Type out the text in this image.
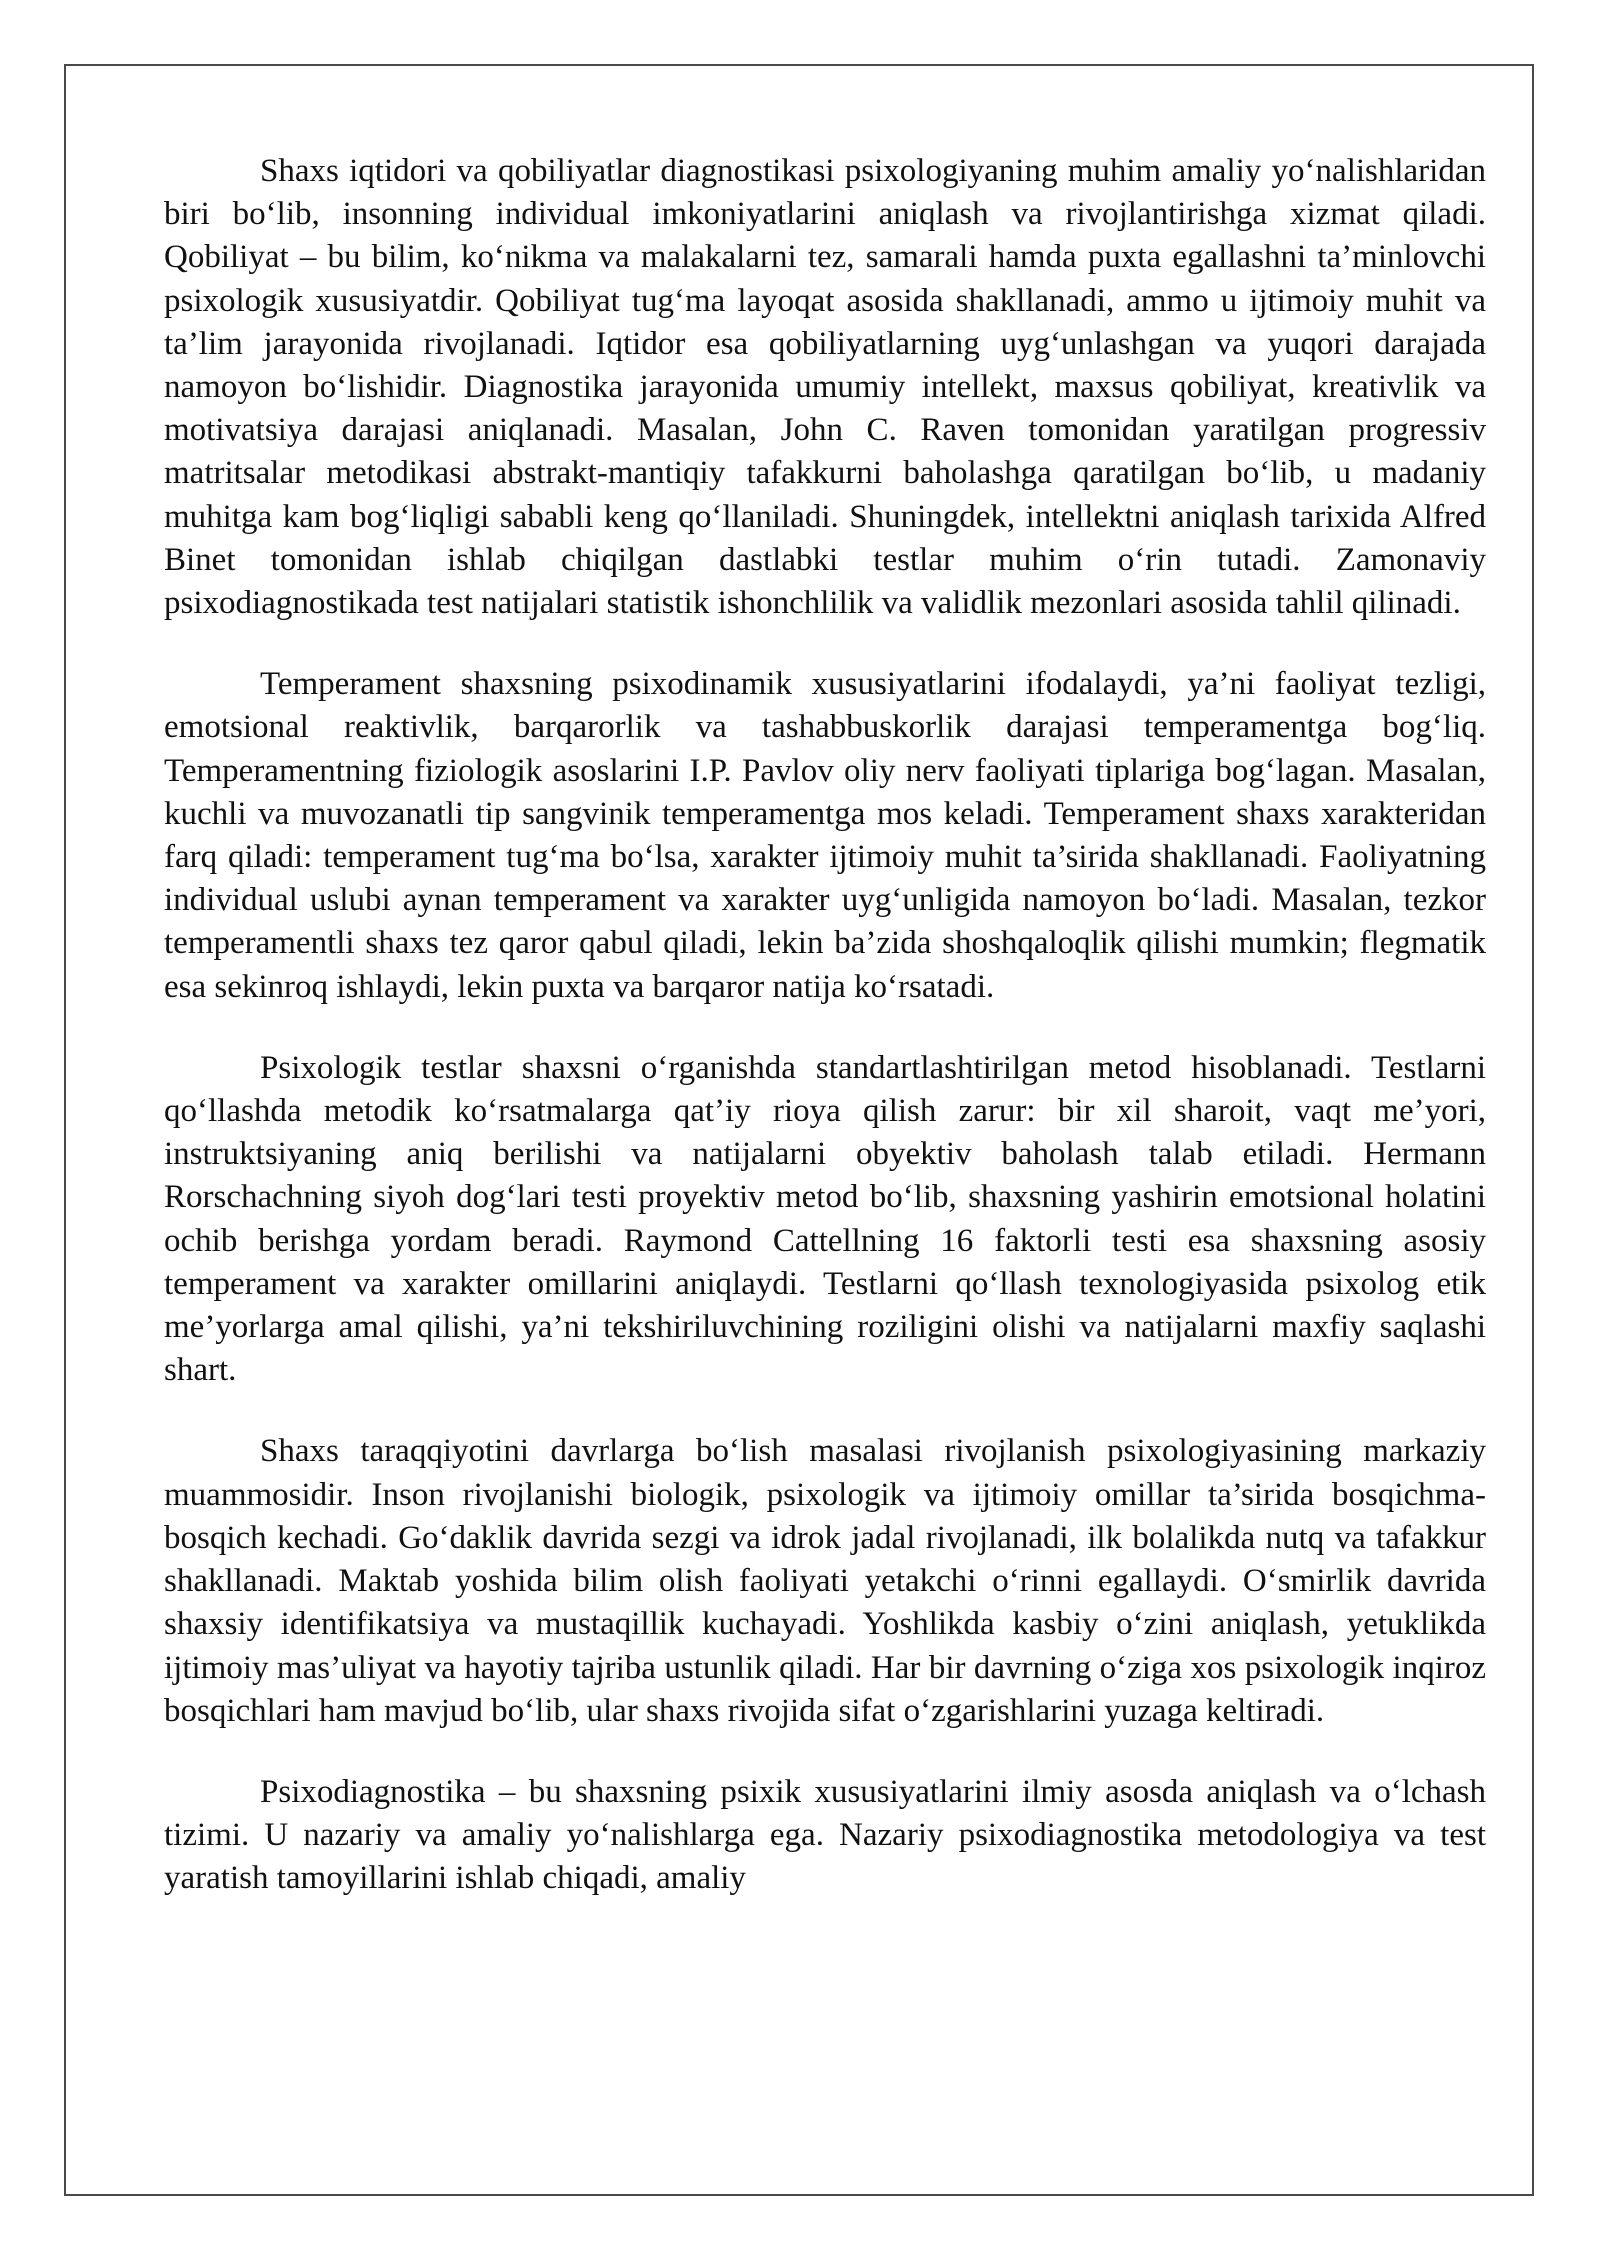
Shaxs iqtidori va qobiliyatlar diagnostikasi psixologiyaning muhim amaliy yo‘nalishlaridan biri bo‘lib, insonning individual imkoniyatlarini aniqlash va rivojlantirishga xizmat qiladi. Qobiliyat – bu bilim, ko‘nikma va malakalarni tez, samarali hamda puxta egallashni ta’minlovchi psixologik xususiyatdir. Qobiliyat tug‘ma layoqat asosida shakllanadi, ammo u ijtimoiy muhit va ta’lim jarayonida rivojlanadi. Iqtidor esa qobiliyatlarning uyg‘unlashgan va yuqori darajada namoyon bo‘lishidir. Diagnostika jarayonida umumiy intellekt, maxsus qobiliyat, kreativlik va motivatsiya darajasi aniqlanadi. Masalan, John C. Raven tomonidan yaratilgan progressiv matritsalar metodikasi abstrakt-mantiqiy tafakkurni baholashga qaratilgan bo‘lib, u madaniy muhitga kam bog‘liqligi sababli keng qo‘llaniladi. Shuningdek, intellektni aniqlash tarixida Alfred Binet tomonidan ishlab chiqilgan dastlabki testlar muhim o‘rin tutadi. Zamonaviy psixodiagnostikada test natijalari statistik ishonchlilik va validlik mezonlari asosida tahlil qilinadi.

Temperament shaxsning psixodinamik xususiyatlarini ifodalaydi, ya’ni faoliyat tezligi, emotsional reaktivlik, barqarorlik va tashabbuskorlik darajasi temperamentga bog‘liq. Temperamentning fiziologik asoslarini I.P. Pavlov oliy nerv faoliyati tiplariga bog‘lagan. Masalan, kuchli va muvozanatli tip sangvinik temperamentga mos keladi. Temperament shaxs xarakteridan farq qiladi: temperament tug‘ma bo‘lsa, xarakter ijtimoiy muhit ta’sirida shakllanadi. Faoliyatning individual uslubi aynan temperament va xarakter uyg‘unligida namoyon bo‘ladi. Masalan, tezkor temperamentli shaxs tez qaror qabul qiladi, lekin ba’zida shoshqaloqlik qilishi mumkin; flegmatik esa sekinroq ishlaydi, lekin puxta va barqaror natija ko‘rsatadi.

Psixologik testlar shaxsni o‘rganishda standartlashtirilgan metod hisoblanadi. Testlarni qo‘llashda metodik ko‘rsatmalarga qat’iy rioya qilish zarur: bir xil sharoit, vaqt me’yori, instruktsiyaning aniq berilishi va natijalarni obyektiv baholash talab etiladi. Hermann Rorschachning siyoh dog‘lari testi proyektiv metod bo‘lib, shaxsning yashirin emotsional holatini ochib berishga yordam beradi. Raymond Cattellning 16 faktorli testi esa shaxsning asosiy temperament va xarakter omillarini aniqlaydi. Testlarni qo‘llash texnologiyasida psixolog etik me’yorlarga amal qilishi, ya’ni tekshiriluvchining roziligini olishi va natijalarni maxfiy saqlashi shart.

Shaxs taraqqiyotini davrlarga bo‘lish masalasi rivojlanish psixologiyasining markaziy muammosidir. Inson rivojlanishi biologik, psixologik va ijtimoiy omillar ta’sirida bosqichma-bosqich kechadi. Go‘daklik davrida sezgi va idrok jadal rivojlanadi, ilk bolalikda nutq va tafakkur shakllanadi. Maktab yoshida bilim olish faoliyati yetakchi o‘rinni egallaydi. O‘smirlik davrida shaxsiy identifikatsiya va mustaqillik kuchayadi. Yoshlikda kasbiy o‘zini aniqlash, yetuklikda ijtimoiy mas’uliyat va hayotiy tajriba ustunlik qiladi. Har bir davrning o‘ziga xos psixologik inqiroz bosqichlari ham mavjud bo‘lib, ular shaxs rivojida sifat o‘zgarishlarini yuzaga keltiradi.

Psixodiagnostika – bu shaxsning psixik xususiyatlarini ilmiy asosda aniqlash va o‘lchash tizimi. U nazariy va amaliy yo‘nalishlarga ega. Nazariy psixodiagnostika metodologiya va test yaratish tamoyillarini ishlab chiqadi, amaliy
